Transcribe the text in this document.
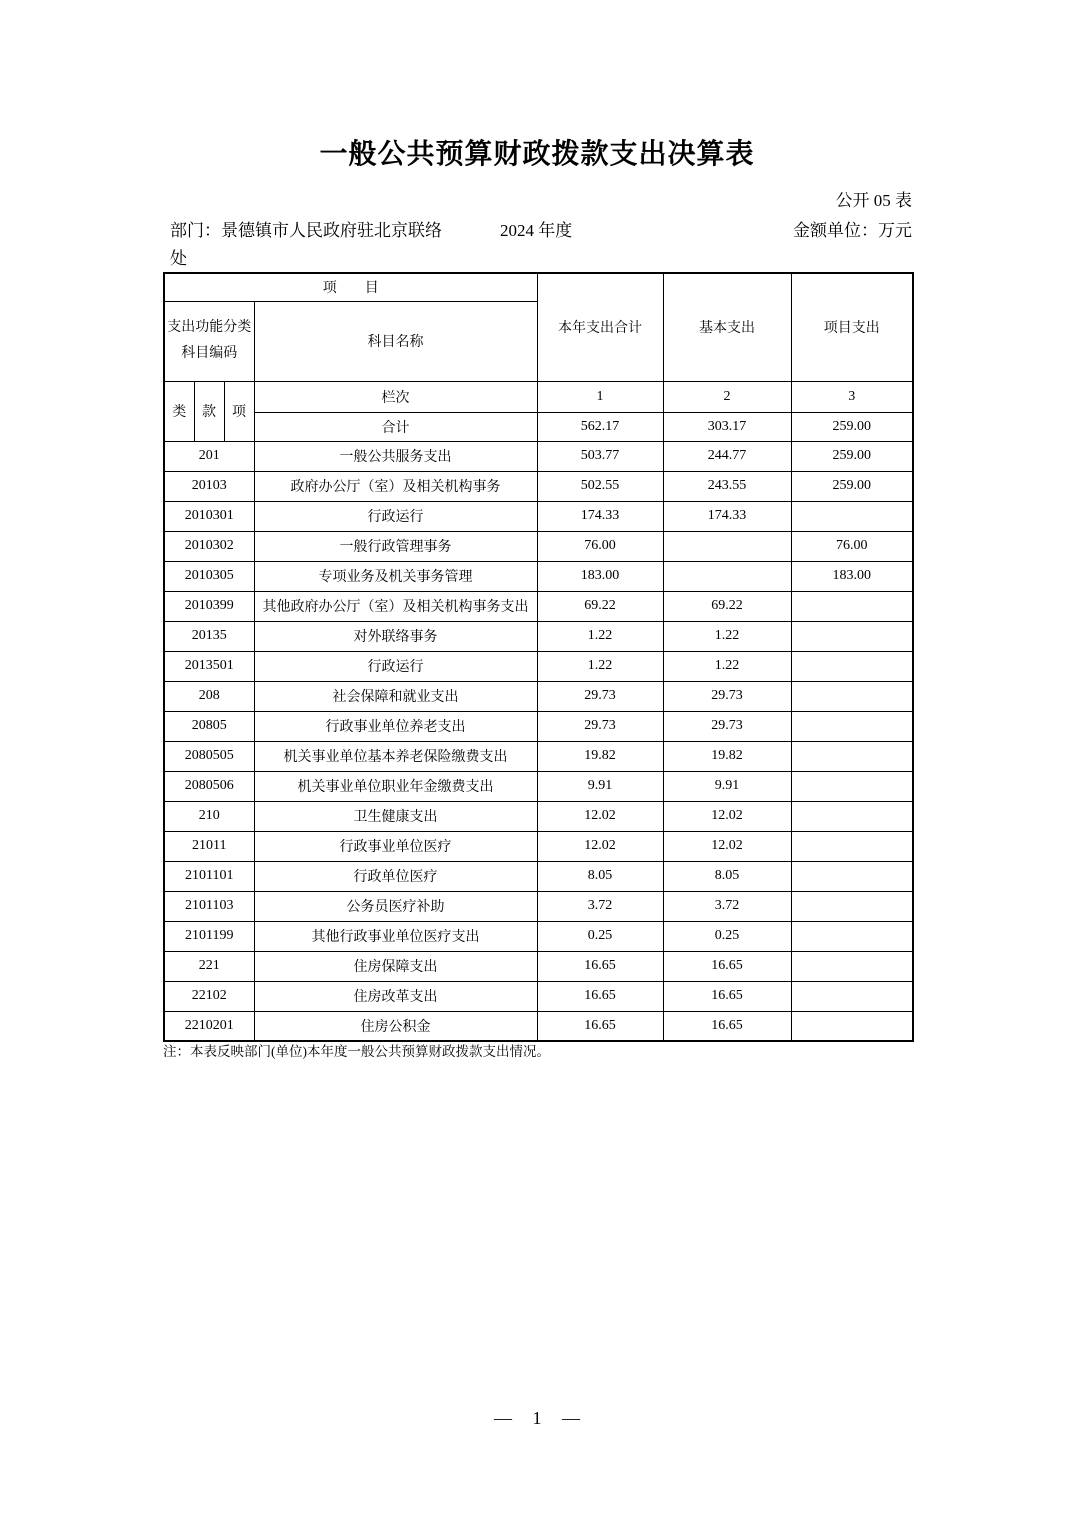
一般公共预算财政拨款支出决算表
公开 05 表
部门：景德镇市人民政府驻北京联络处
2024 年度	金额单位：万元
项　　目				本年支出合计	基本支出	项目支出

支出功能分类
科目编码			科目名称			
类	款	项	栏次	1	2	3
			合计	562.17	303.17	259.00
201			一般公共服务支出	503.77	244.77	259.00
20103			政府办公厅（室）及相关机构事务	502.55	243.55	259.00
2010301			行政运行	174.33	174.33	
2010302			一般行政管理事务	76.00		76.00
2010305			专项业务及机关事务管理	183.00		183.00
2010399			其他政府办公厅（室）及相关机构事务支出	69.22	69.22	
20135			对外联络事务	1.22	1.22	
2013501			行政运行	1.22	1.22	
208			社会保障和就业支出	29.73	29.73	
20805			行政事业单位养老支出	29.73	29.73	
2080505			机关事业单位基本养老保险缴费支出	19.82	19.82	
2080506			机关事业单位职业年金缴费支出	9.91	9.91	
210			卫生健康支出	12.02	12.02	
21011			行政事业单位医疗	12.02	12.02	
2101101			行政单位医疗	8.05	8.05	
2101103			公务员医疗补助	3.72	3.72	
2101199			其他行政事业单位医疗支出	0.25	0.25	
221			住房保障支出	16.65	16.65	
22102			住房改革支出	16.65	16.65	
2210201			住房公积金	16.65	16.65	
注：本表反映部门(单位)本年度一般公共预算财政拨款支出情况。
— 1 —
